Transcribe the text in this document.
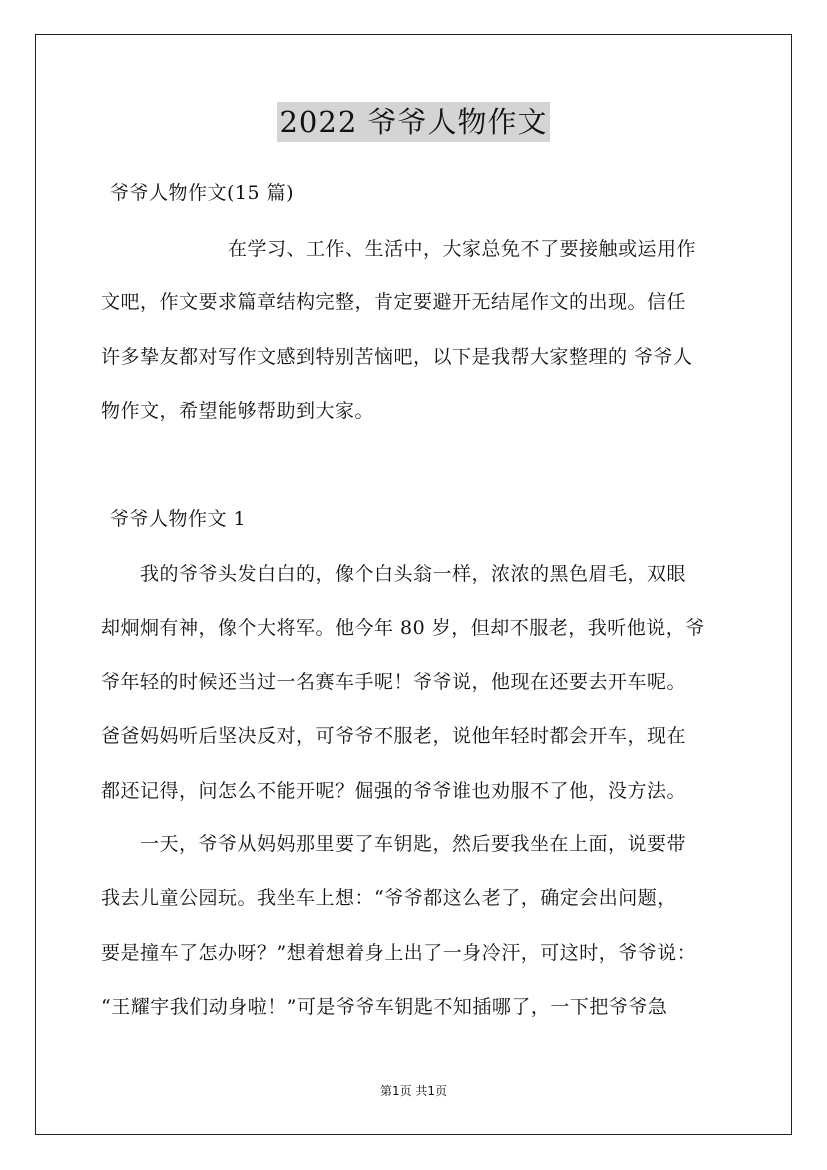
2022 爷爷人物作文
爷爷人物作文(15 篇)
在学习、工作、生活中，大家总免不了要接触或运用作
文吧，作文要求篇章结构完整，肯定要避开无结尾作文的出现。信任
许多挚友都对写作文感到特别苦恼吧，以下是我帮大家整理的 爷爷人
物作文，希望能够帮助到大家。
爷爷人物作文 1
我的爷爷头发白白的，像个白头翁一样，浓浓的黑色眉毛，双眼
却炯炯有神，像个大将军。他今年 80 岁，但却不服老，我听他说，爷
爷年轻的时候还当过一名赛车手呢！爷爷说，他现在还要去开车呢。
爸爸妈妈听后坚决反对，可爷爷不服老，说他年轻时都会开车，现在
都还记得，问怎么不能开呢？倔强的爷爷谁也劝服不了他，没方法。
一天，爷爷从妈妈那里要了车钥匙，然后要我坐在上面，说要带
我去儿童公园玩。我坐车上想：“爷爷都这么老了，确定会出问题，
要是撞车了怎办呀？”想着想着身上出了一身冷汗，可这时，爷爷说：
“王耀宇我们动身啦！”可是爷爷车钥匙不知插哪了，一下把爷爷急
第1页 共1页
